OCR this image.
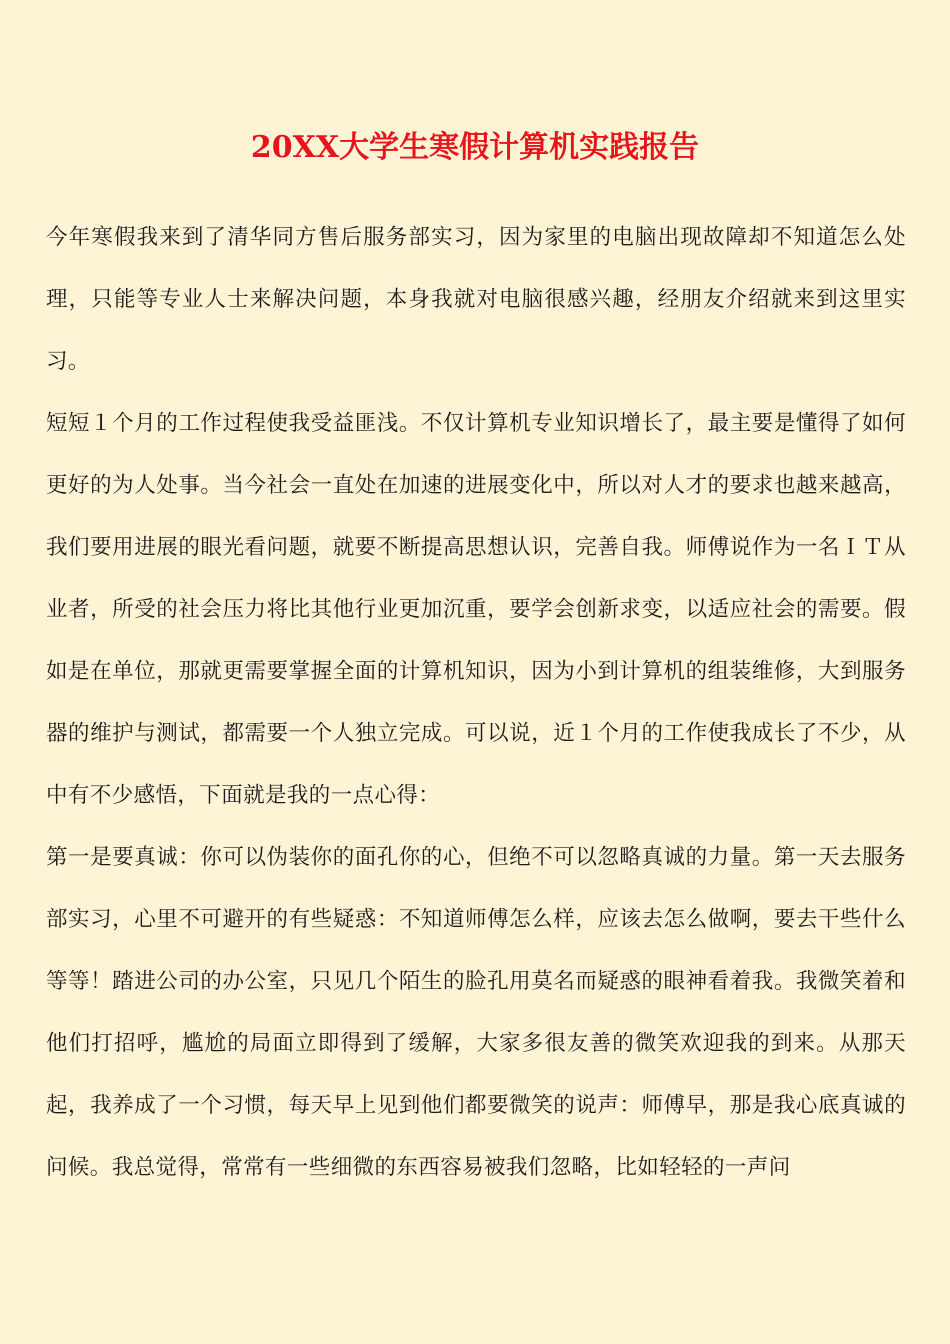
20XX大学生寒假计算机实践报告

今年寒假我来到了清华同方售后服务部实习，因为家里的电脑出现故障却不知道怎么处理，只能等专业人士来解决问题，本身我就对电脑很感兴趣，经朋友介绍就来到这里实习。

短短１个月的工作过程使我受益匪浅。不仅计算机专业知识增长了，最主要是懂得了如何更好的为人处事。当今社会一直处在加速的进展变化中，所以对人才的要求也越来越高，我们要用进展的眼光看问题，就要不断提高思想认识，完善自我。师傅说作为一名ＩＴ从业者，所受的社会压力将比其他行业更加沉重，要学会创新求变，以适应社会的需要。假如是在单位，那就更需要掌握全面的计算机知识，因为小到计算机的组装维修，大到服务器的维护与测试，都需要一个人独立完成。可以说，近１个月的工作使我成长了不少，从中有不少感悟，下面就是我的一点心得：

第一是要真诚：你可以伪装你的面孔你的心，但绝不可以忽略真诚的力量。第一天去服务部实习，心里不可避开的有些疑惑：不知道师傅怎么样，应该去怎么做啊，要去干些什么等等！踏进公司的办公室，只见几个陌生的脸孔用莫名而疑惑的眼神看着我。我微笑着和他们打招呼，尴尬的局面立即得到了缓解，大家多很友善的微笑欢迎我的到来。从那天起，我养成了一个习惯，每天早上见到他们都要微笑的说声：师傅早，那是我心底真诚的问候。我总觉得，常常有一些细微的东西容易被我们忽略，比如轻轻的一声问
